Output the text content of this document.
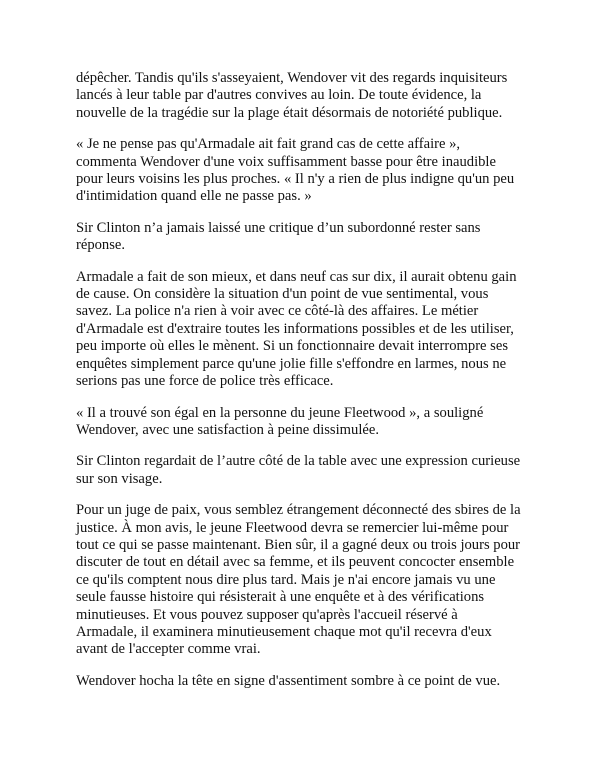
dépêcher. Tandis qu'ils s'asseyaient, Wendover vit des regards inquisiteurs
lancés à leur table par d'autres convives au loin. De toute évidence, la
nouvelle de la tragédie sur la plage était désormais de notoriété publique.

« Je ne pense pas qu'Armadale ait fait grand cas de cette affaire »,
commenta Wendover d'une voix suffisamment basse pour être inaudible
pour leurs voisins les plus proches. « Il n'y a rien de plus indigne qu'un peu
d'intimidation quand elle ne passe pas. »

Sir Clinton n’a jamais laissé une critique d’un subordonné rester sans
réponse.

Armadale a fait de son mieux, et dans neuf cas sur dix, il aurait obtenu gain
de cause. On considère la situation d'un point de vue sentimental, vous
savez. La police n'a rien à voir avec ce côté-là des affaires. Le métier
d'Armadale est d'extraire toutes les informations possibles et de les utiliser,
peu importe où elles le mènent. Si un fonctionnaire devait interrompre ses
enquêtes simplement parce qu'une jolie fille s'effondre en larmes, nous ne
serions pas une force de police très efficace.

« Il a trouvé son égal en la personne du jeune Fleetwood », a souligné
Wendover, avec une satisfaction à peine dissimulée.

Sir Clinton regardait de l’autre côté de la table avec une expression curieuse
sur son visage.

Pour un juge de paix, vous semblez étrangement déconnecté des sbires de la
justice. À mon avis, le jeune Fleetwood devra se remercier lui-même pour
tout ce qui se passe maintenant. Bien sûr, il a gagné deux ou trois jours pour
discuter de tout en détail avec sa femme, et ils peuvent concocter ensemble
ce qu'ils comptent nous dire plus tard. Mais je n'ai encore jamais vu une
seule fausse histoire qui résisterait à une enquête et à des vérifications
minutieuses. Et vous pouvez supposer qu'après l'accueil réservé à
Armadale, il examinera minutieusement chaque mot qu'il recevra d'eux
avant de l'accepter comme vrai.

Wendover hocha la tête en signe d'assentiment sombre à ce point de vue.
